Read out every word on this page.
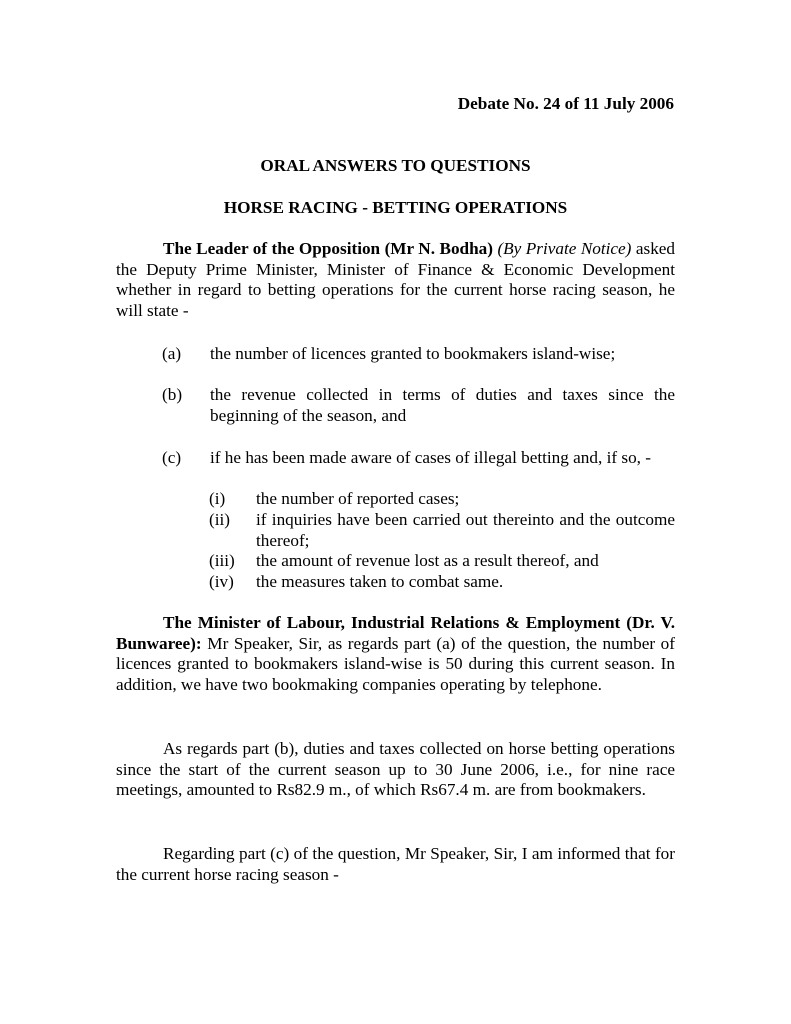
Debate No. 24 of 11 July 2006

ORAL ANSWERS TO QUESTIONS

HORSE RACING - BETTING OPERATIONS

The Leader of the Opposition (Mr N. Bodha) (By Private Notice) asked the Deputy Prime Minister, Minister of Finance & Economic Development whether in regard to betting operations for the current horse racing season, he will state -

(a) the number of licences granted to bookmakers island-wise;
(b) the revenue collected in terms of duties and taxes since the beginning of the season, and
(c) if he has been made aware of cases of illegal betting and, if so, -
(i) the number of reported cases;
(ii) if inquiries have been carried out thereinto and the outcome thereof;
(iii) the amount of revenue lost as a result thereof, and
(iv) the measures taken to combat same.

The Minister of Labour, Industrial Relations & Employment (Dr. V. Bunwaree): Mr Speaker, Sir, as regards part (a) of the question, the number of licences granted to bookmakers island-wise is 50 during this current season. In addition, we have two bookmaking companies operating by telephone.

As regards part (b), duties and taxes collected on horse betting operations since the start of the current season up to 30 June 2006, i.e., for nine race meetings, amounted to Rs82.9 m., of which Rs67.4 m. are from bookmakers.

Regarding part (c) of the question, Mr Speaker, Sir, I am informed that for the current horse racing season -
